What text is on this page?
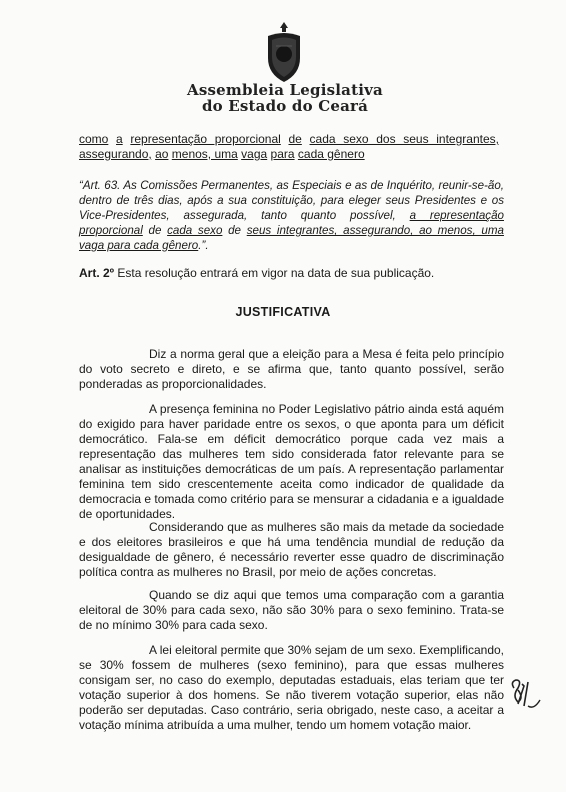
Assembleia Legislativa
do Estado do Ceará
como a representação proporcional de cada sexo dos seus integrantes, assegurando, ao menos, uma vaga para cada gênero
“Art. 63. As Comissões Permanentes, as Especiais e as de Inquérito, reunir-se-ão, dentro de três dias, após a sua constituição, para eleger seus Presidentes e os Vice-Presidentes, assegurada, tanto quanto possível, a representação proporcional de cada sexo de seus integrantes, assegurando, ao menos, uma vaga para cada gênero.”.
Art. 2º Esta resolução entrará em vigor na data de sua publicação.
JUSTIFICATIVA

Diz a norma geral que a eleição para a Mesa é feita pelo princípio do voto secreto e direto, e se afirma que, tanto quanto possível, serão ponderadas as proporcionalidades.

A presença feminina no Poder Legislativo pátrio ainda está aquém do exigido para haver paridade entre os sexos, o que aponta para um déficit democrático. Fala-se em déficit democrático porque cada vez mais a representação das mulheres tem sido considerada fator relevante para se analisar as instituições democráticas de um país. A representação parlamentar feminina tem sido crescentemente aceita como indicador de qualidade da democracia e tomada como critério para se mensurar a cidadania e a igualdade de oportunidades.

Considerando que as mulheres são mais da metade da sociedade e dos eleitores brasileiros e que há uma tendência mundial de redução da desigualdade de gênero, é necessário reverter esse quadro de discriminação política contra as mulheres no Brasil, por meio de ações concretas.

Quando se diz aqui que temos uma comparação com a garantia eleitoral de 30% para cada sexo, não são 30% para o sexo feminino. Trata-se de no mínimo 30% para cada sexo.

A lei eleitoral permite que 30% sejam de um sexo. Exemplificando, se 30% fossem de mulheres (sexo feminino), para que essas mulheres consigam ser, no caso do exemplo, deputadas estaduais, elas teriam que ter votação superior à dos homens. Se não tiverem votação superior, elas não poderão ser deputadas. Caso contrário, seria obrigado, neste caso, a aceitar a votação mínima atribuída a uma mulher, tendo um homem votação maior.
